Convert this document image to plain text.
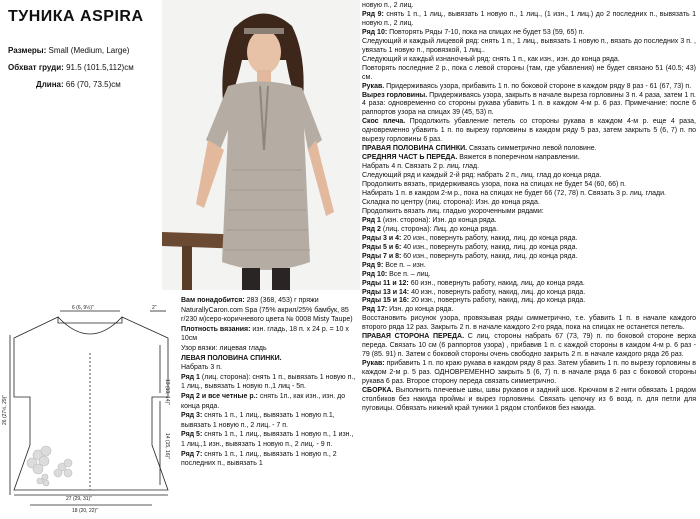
ТУНИКА ASPIRA
Размеры: Small (Medium, Large)
Обхват груди: 91.5 (101.5,112)см
Длина: 66 (70, 73.5)см
6 (6, 9½)"	2"
26 (27½, 29)"
13 (13, 14)"
14 (15, 16)"
27 (29, 31)"
18 (20, 22)"

Вам понадобится: 283 (368, 453) г пряжи NaturallyCaron.com Spa (75% акрил/25% бамбук, 85 г/230 м)серо-коричневого цвета № 0008 Misty Taupe)

Плотность вязания: изн. гладь, 18 п. х 24 р. = 10 х 10см

Узор вязки: лицевая гладь

ЛЕВАЯ ПОЛОВИНА СПИНКИ.

Набрать 3 п.

Ряд 1 (лиц. сторона): снять 1 п., вывязать 1 новую п., 1 лиц., вывязать 1 новую п.,1 лиц - 5п.

Ряд 2 и все четные р.: снять 1п., как изн., изн. до конца ряда.

Ряд 3: снять 1 п., 1 лиц., вывязать 1 новую п.1, вывязать 1 новую п., 2 лиц. - 7 п.

Ряд 5: снять 1 п., 1 лиц., вывязать 1 новую п., 1 изн., 1 лиц.,1 изн., вывязать 1 новую п., 2 лиц. - 9 п.

Ряд 7: снять 1 п., 1 лиц., вывязать 1 новую п., 2 последних п., вывязать 1

новую п., 2 лиц.

Ряд 9: снять 1 п., 1 лиц., вывязать 1 новую п., 1 лиц., (1 изн., 1 лиц.) до 2 последних п., вывязать 1 новую п., 2 лиц.

Ряд 10: Повторять Ряды 7-10, пока на спицах не будет 53 (59, 65) п.

Следующий и каждый лицевой ряд: снять 1 п., 1 лиц., вывязать 1 новую п., вязать до последних 3 п. , увязать 1 новую п., провязкой, 1 лиц..

Следующий и каждый изнаночный ряд: снять 1 п., как изн., изн. до конца ряда.

Повторять последние 2 р., пока с левой стороны (там, где убавления) не будет связано 51 (40.5; 43) см.

Рукав. Придерживаясь узора, прибавить 1 п. по боковой стороне в каждом ряду 8 раз - 61 (67, 73) п.

Вырез горловины. Придерживаясь узора, закрыть в начале выреза горловины 3 п. 4 раза, затем 1 п. 4 раза: одновременно со стороны рукава убавить 1 п. в каждом 4-м р. 6 раз. Примечание: после 6 раппортов узора на спицах 39 (45, 53) п.

Скос плеча. Продолжить убавление петель со стороны рукава в каждом 4-м р. еще 4 раза, одновременно убавить 1 п. по вырезу горловины в каждом ряду 5 раз, затем закрыть 5 (6, 7) п. по вырезу горловины 6 раз.

ПРАВАЯ ПОЛОВИНА СПИНКИ. Связать симметрично левой половине.

СРЕДНЯЯ ЧАСТ Ь ПЕРЕДА. Вяжется в поперечном направлении.

Набрать 4 п. Связать 2 р. лиц. глад.

Следующий ряд и каждый 2-й ряд: набрать 2 п., лиц. глад до конца ряда.

Продолжить вязать, придерживаясь узора, пока на спицах не будет 54 (60, 66) п.

Набирать 1 п. в каждом 2-м р., пока на спицах не будет 66 (72, 78) п. Связать 3 р. лиц. глади.

Складка по центру (лиц. сторона): Изн. до конца ряда.

Продолжить вязать лиц. гладью укороченными рядами:

Ряд 1 (изн. сторона): Изн. до конца ряда.

Ряд 2 (лиц. сторона): Лиц. до конца ряда.

Ряды 3 и 4: 20 изн., повернуть работу, накид, лиц. до конца ряда.

Ряды 5 и 6: 40 изн., повернуть работу, накид, лиц. до конца ряда.

Ряды 7 и 8: 60 изн., повернуть работу, накид, лиц. до конца ряда.

Ряд 9: Все п. – изн.

Ряд 10: Все п. – лиц.

Ряды 11 и 12: 60 изн., повернуть работу, накид, лиц. до конца ряда.

Ряды 13 и 14: 40 изн., повернуть работу, накид, лиц. до конца ряда.

Ряды 15 и 16: 20 изн., повернуть работу, накид, лиц. до конца ряда.

Ряд 17: Изн. до конца ряда.

Восстановить рисунок узора, провязывая ряды симметрично, т.е. убавить 1 п. в начале каждого второго ряда 12 раз. Закрыть 2 п. в начале каждого 2-го ряда, пока на спицах не останется петель.

ПРАВАЯ СТОРОНА ПЕРЕДА. С лиц. стороны набрать 67 (73, 79) п. по боковой стороне верха переда. Связать 10 см (6 раппортов узора) , прибавив 1 п. с каждой стороны в каждом 4-м р. 6 раз - 79 (85. 91) п. Затем с боковой стороны очень свободно закрыть 2 п. в начале каждого ряда 26 раз.

Рукав: прибавить 1 п. по краю рукава в каждом ряду 8 раз. Затем убавить 1 п. по вырезу горловины в каждом 2-м р. 5 раз. ОДНОВРЕМЕННО закрыть 5 (6, 7) п. в начале ряда 6 раз с боковой стороны рукава 6 раз. Второе сторону переда связать симметрично.

СБОРКА. Выполнить плечевые швы, швы рукавов и задний шов. Крючком в 2 нити обвязать 1 рядом столбиков без накида проймы и вырез горловины. Связать цепочку из 6 возд. п. для петли для пуговицы. Обвязать нижний край туники 1 рядом столбиков без накида.
